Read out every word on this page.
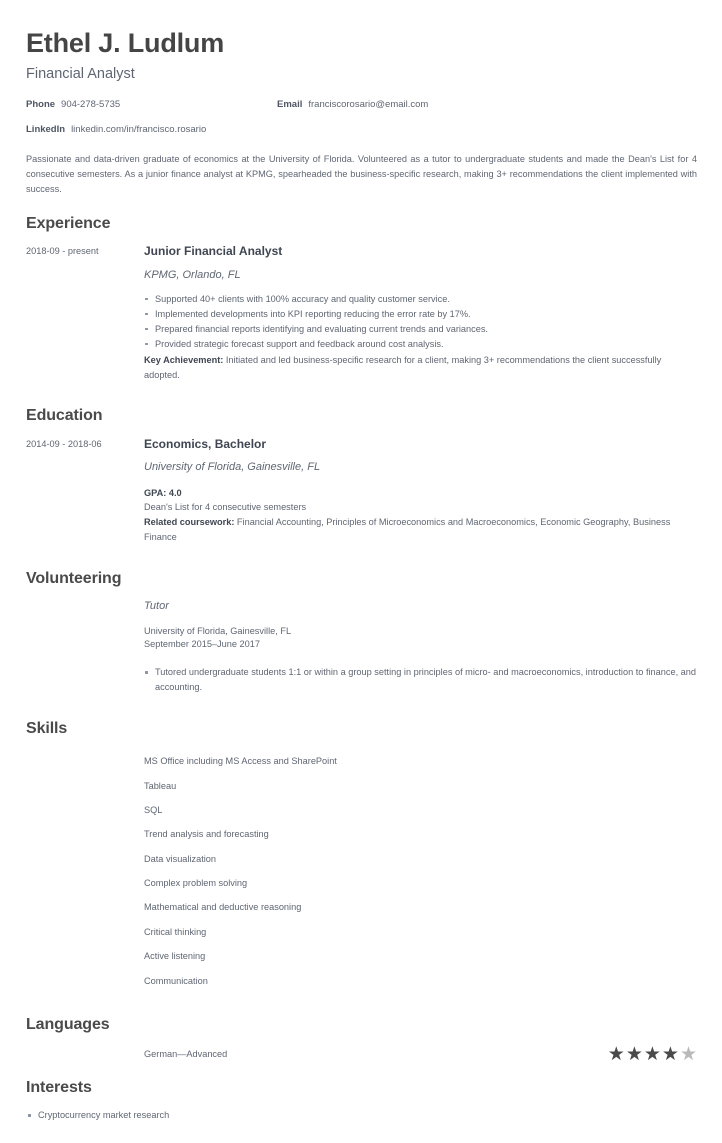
Ethel J. Ludlum
Financial Analyst
Phone 904-278-5735	Email franciscorosario@email.com
LinkedIn linkedin.com/in/francisco.rosario

Passionate and data-driven graduate of economics at the University of Florida. Volunteered as a tutor to undergraduate students and made the Dean's List for 4 consecutive semesters. As a junior finance analyst at KPMG, spearheaded the business-specific research, making 3+ recommendations the client implemented with success.

Experience
2018-09 - present	Junior Financial Analyst
KPMG, Orlando, FL
Supported 40+ clients with 100% accuracy and quality customer service.
Implemented developments into KPI reporting reducing the error rate by 17%.
Prepared financial reports identifying and evaluating current trends and variances.
Provided strategic forecast support and feedback around cost analysis.
Key Achievement: Initiated and led business-specific research for a client, making 3+ recommendations the client successfully adopted.
Education
2014-09 - 2018-06	Economics, Bachelor
University of Florida, Gainesville, FL
GPA: 4.0
Dean's List for 4 consecutive semesters
Related coursework: Financial Accounting, Principles of Microeconomics and Macroeconomics, Economic Geography, Business Finance
Volunteering
Tutor
University of Florida, Gainesville, FL
September 2015–June 2017
Tutored undergraduate students 1:1 or within a group setting in principles of micro- and macroeconomics, introduction to finance, and accounting.
Skills
MS Office including MS Access and SharePoint
Tableau
SQL
Trend analysis and forecasting
Data visualization
Complex problem solving
Mathematical and deductive reasoning
Critical thinking
Active listening
Communication
Languages
German—Advanced	★ ★ ★ ★ ★
Interests
Cryptocurrency market research
